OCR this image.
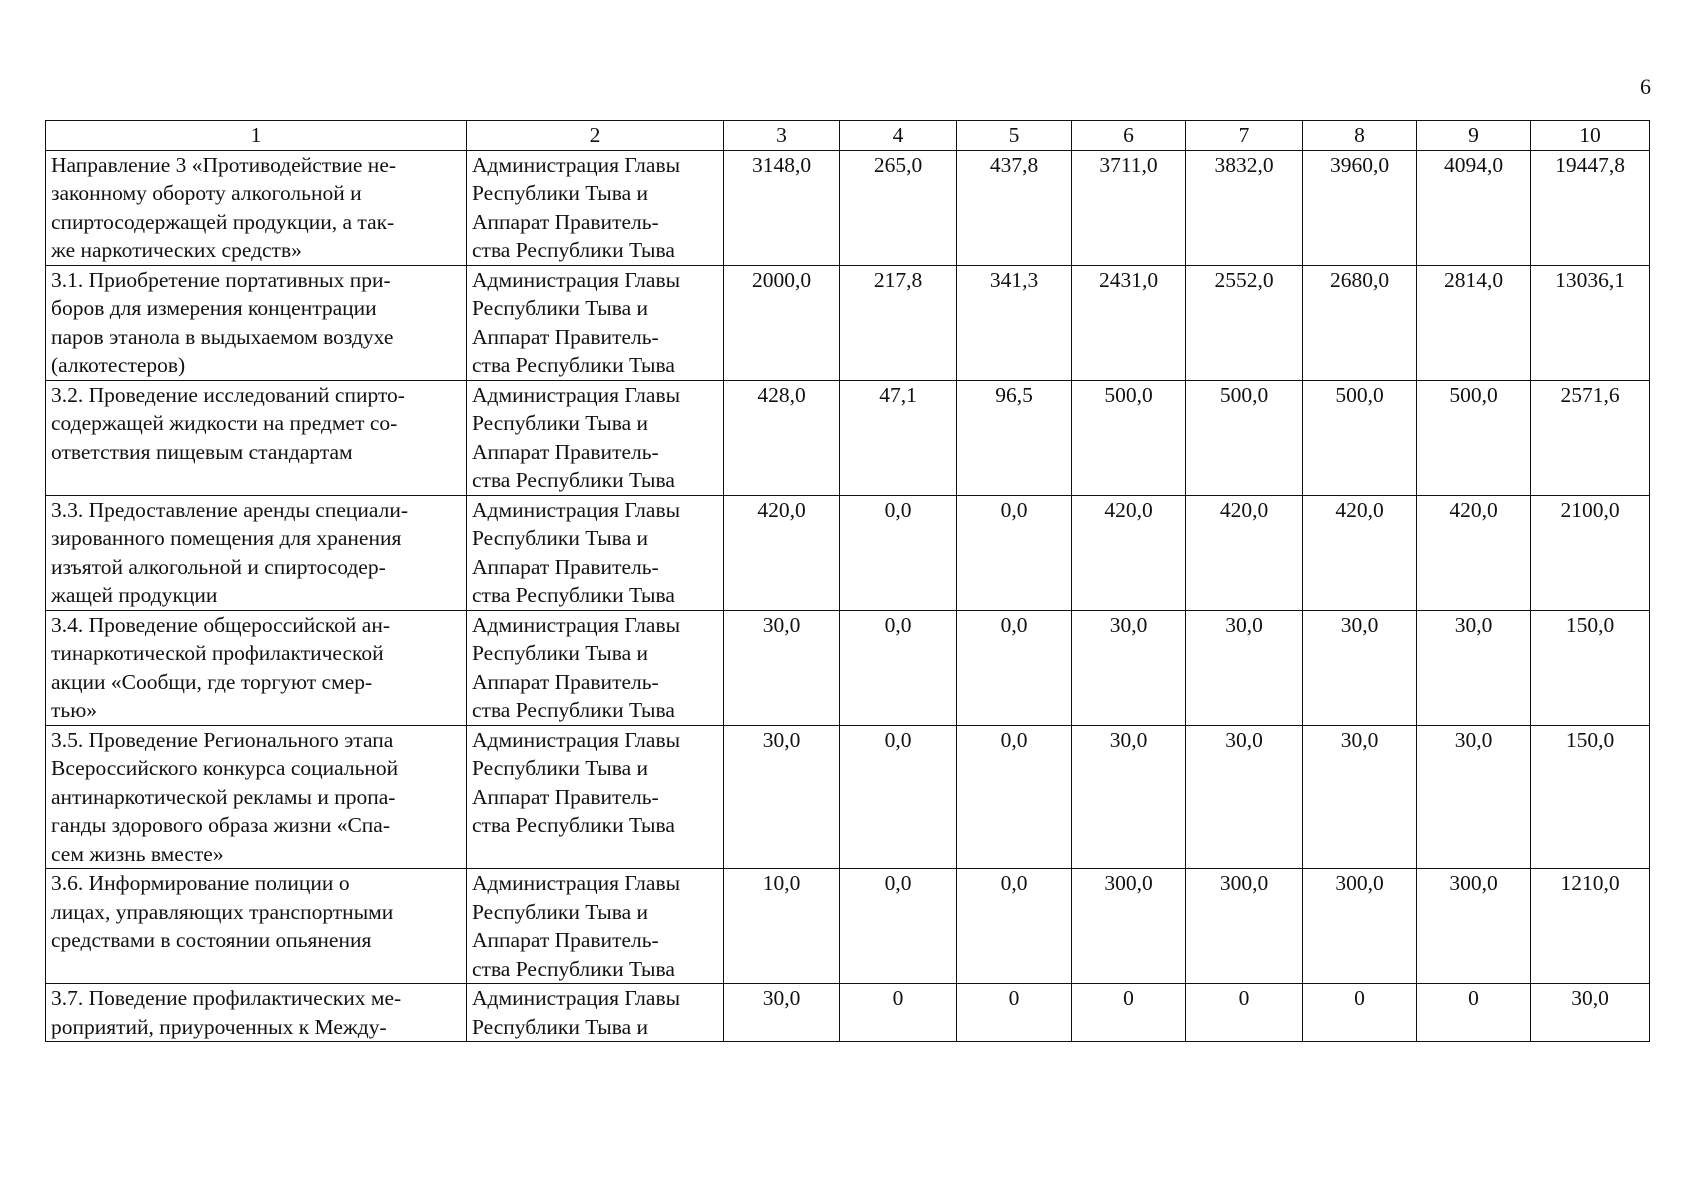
6
1	2	3	4	5	6	7	8	9	10
Направление 3 «Противодействие не-
законному обороту алкогольной и
спиртосодержащей продукции, а так-
же наркотических средств»	Администрация Главы
Республики Тыва и
Аппарат Правитель-
ства Республики Тыва	3148,0	265,0	437,8	3711,0	3832,0	3960,0	4094,0	19447,8
3.1. Приобретение портативных при-
боров для измерения концентрации
паров этанола в выдыхаемом воздухе
(алкотестеров)	Администрация Главы
Республики Тыва и
Аппарат Правитель-
ства Республики Тыва	2000,0	217,8	341,3	2431,0	2552,0	2680,0	2814,0	13036,1
3.2. Проведение исследований спирто-
содержащей жидкости на предмет со-
ответствия пищевым стандартам	Администрация Главы
Республики Тыва и
Аппарат Правитель-
ства Республики Тыва	428,0	47,1	96,5	500,0	500,0	500,0	500,0	2571,6
3.3. Предоставление аренды специали-
зированного помещения для хранения
изъятой алкогольной и спиртосодер-
жащей продукции	Администрация Главы
Республики Тыва и
Аппарат Правитель-
ства Республики Тыва	420,0	0,0	0,0	420,0	420,0	420,0	420,0	2100,0
3.4. Проведение общероссийской ан-
тинаркотической профилактической
акции «Сообщи, где торгуют смер-
тью»	Администрация Главы
Республики Тыва и
Аппарат Правитель-
ства Республики Тыва	30,0	0,0	0,0	30,0	30,0	30,0	30,0	150,0
3.5. Проведение Регионального этапа
Всероссийского конкурса социальной
антинаркотической рекламы и пропа-
ганды здорового образа жизни «Спа-
сем жизнь вместе»	Администрация Главы
Республики Тыва и
Аппарат Правитель-
ства Республики Тыва	30,0	0,0	0,0	30,0	30,0	30,0	30,0	150,0
3.6. Информирование полиции о
лицах, управляющих транспортными
средствами в состоянии опьянения	Администрация Главы
Республики Тыва и
Аппарат Правитель-
ства Республики Тыва	10,0	0,0	0,0	300,0	300,0	300,0	300,0	1210,0
3.7. Поведение профилактических ме-
роприятий, приуроченных к Между-	Администрация Главы
Республики Тыва и	30,0	0	0	0	0	0	0	30,0
